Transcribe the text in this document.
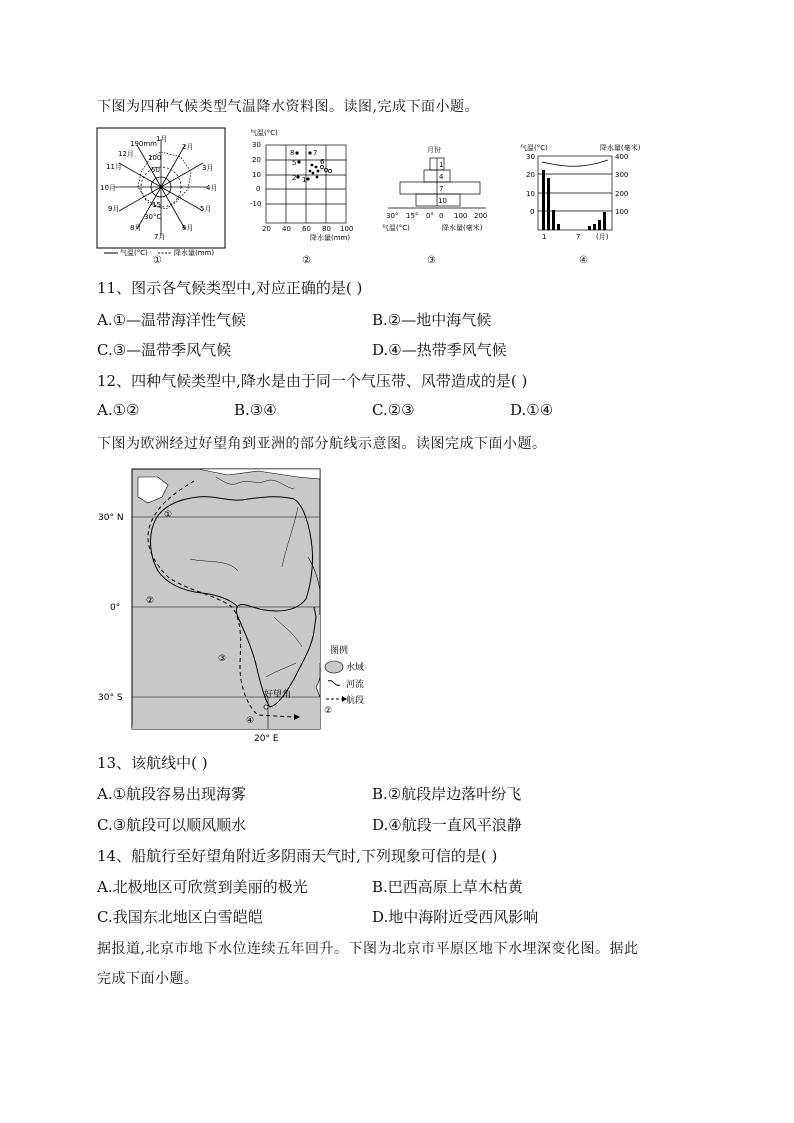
下图为四种气候类型气温降水资料图。读图,完成下面小题。
1月
2月
3月
4月
5月
6月
7月
8月
9月
10月
11月
12月
190mm
100
50
15
30°C
气温(°C)	降水量(mm)
①
气温(°C)
30
20
10
0
-10
20 40 60 80 100
降水量(mm)
8	7
5	6
2 1
②
月份
1
4
7
10
30° 15° 0° 0 100 200
气温(°C)	降水量(毫米)
③
气温(°C)	降水量(毫米)
30
20
10
0
400
300
200
100
1	7 (月)
④
11、图示各气候类型中,对应正确的是( )
A.①—温带海洋性气候	B.②—地中海气候
C.③—温带季风气候	D.④—热带季风气候
12、四种气候类型中,降水是由于同一个气压带、风带造成的是( )
A.①②	B.③④	C.②③	D.①④
下图为欧洲经过好望角到亚洲的部分航线示意图。读图完成下面小题。
30° N
0°
30° S
20° E
好望角
①
②
③
④
图例
水域
河流
②
航段
13、该航线中( )
A.①航段容易出现海雾	B.②航段岸边落叶纷飞
C.③航段可以顺风顺水	D.④航段一直风平浪静
14、船航行至好望角附近多阴雨天气时,下列现象可信的是( )
A.北极地区可欣赏到美丽的极光	B.巴西高原上草木枯黄
C.我国东北地区白雪皑皑	D.地中海附近受西风影响
据报道,北京市地下水位连续五年回升。下图为北京市平原区地下水埋深变化图。据此
完成下面小题。
